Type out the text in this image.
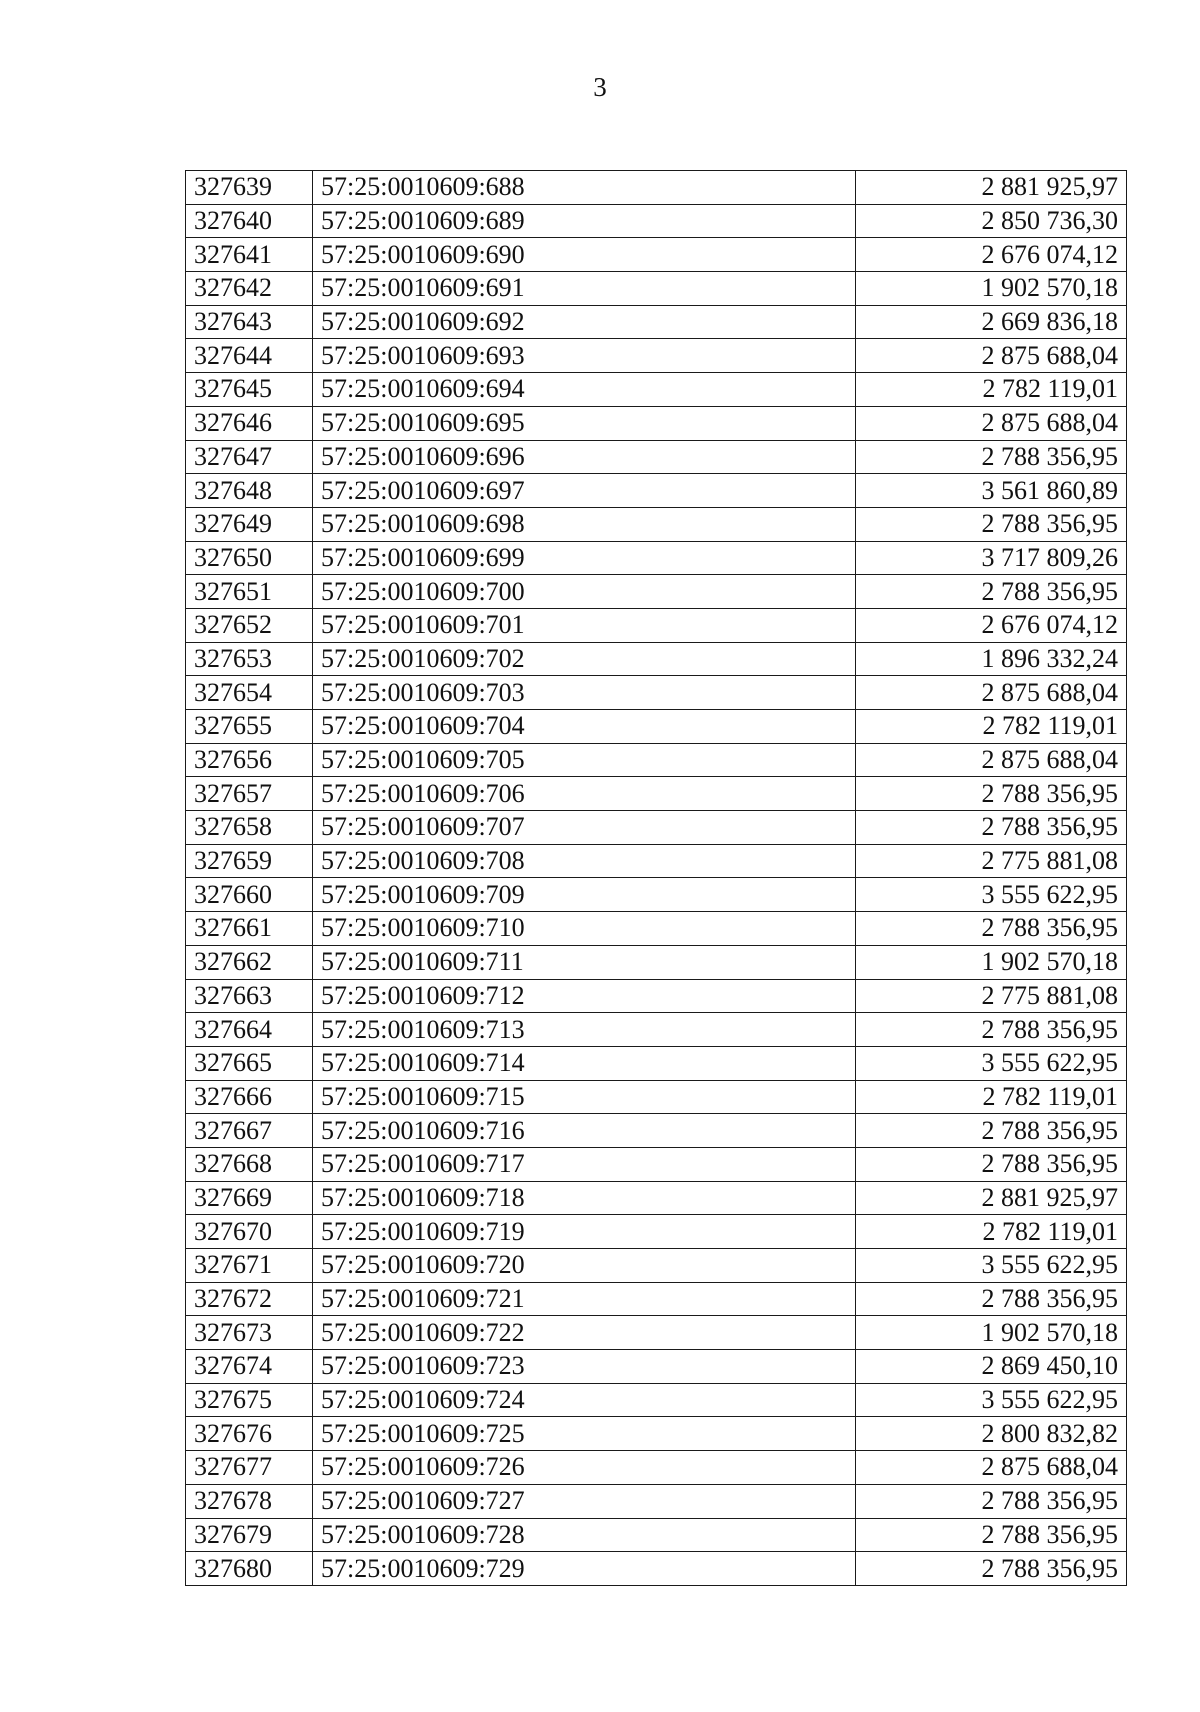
3
327639	57:25:0010609:688	2 881 925,97
327640	57:25:0010609:689	2 850 736,30
327641	57:25:0010609:690	2 676 074,12
327642	57:25:0010609:691	1 902 570,18
327643	57:25:0010609:692	2 669 836,18
327644	57:25:0010609:693	2 875 688,04
327645	57:25:0010609:694	2 782 119,01
327646	57:25:0010609:695	2 875 688,04
327647	57:25:0010609:696	2 788 356,95
327648	57:25:0010609:697	3 561 860,89
327649	57:25:0010609:698	2 788 356,95
327650	57:25:0010609:699	3 717 809,26
327651	57:25:0010609:700	2 788 356,95
327652	57:25:0010609:701	2 676 074,12
327653	57:25:0010609:702	1 896 332,24
327654	57:25:0010609:703	2 875 688,04
327655	57:25:0010609:704	2 782 119,01
327656	57:25:0010609:705	2 875 688,04
327657	57:25:0010609:706	2 788 356,95
327658	57:25:0010609:707	2 788 356,95
327659	57:25:0010609:708	2 775 881,08
327660	57:25:0010609:709	3 555 622,95
327661	57:25:0010609:710	2 788 356,95
327662	57:25:0010609:711	1 902 570,18
327663	57:25:0010609:712	2 775 881,08
327664	57:25:0010609:713	2 788 356,95
327665	57:25:0010609:714	3 555 622,95
327666	57:25:0010609:715	2 782 119,01
327667	57:25:0010609:716	2 788 356,95
327668	57:25:0010609:717	2 788 356,95
327669	57:25:0010609:718	2 881 925,97
327670	57:25:0010609:719	2 782 119,01
327671	57:25:0010609:720	3 555 622,95
327672	57:25:0010609:721	2 788 356,95
327673	57:25:0010609:722	1 902 570,18
327674	57:25:0010609:723	2 869 450,10
327675	57:25:0010609:724	3 555 622,95
327676	57:25:0010609:725	2 800 832,82
327677	57:25:0010609:726	2 875 688,04
327678	57:25:0010609:727	2 788 356,95
327679	57:25:0010609:728	2 788 356,95
327680	57:25:0010609:729	2 788 356,95
